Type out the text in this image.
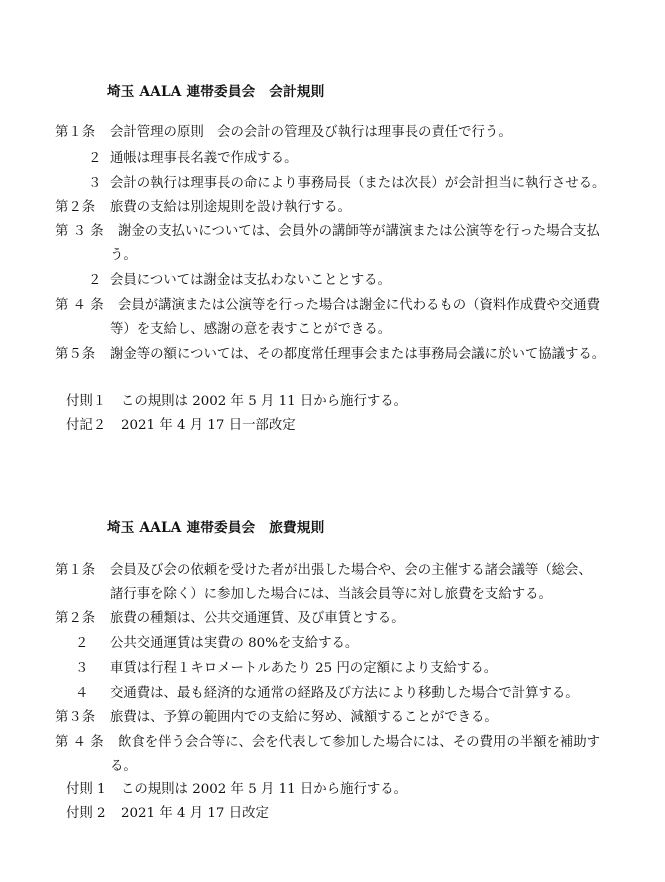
埼玉 AALA 連帯委員会　会計規則
第１条 会計管理の原則　会の会計の管理及び執行は理事長の責任で行う。
２ 通帳は理事長名義で作成する。
３ 会計の執行は理事長の命により事務局長（または次長）が会計担当に執行させる。
第２条 旅費の支給は別途規則を設け執行する。
第 ３ 条 謝金の支払いについては、会員外の講師等が講演または公演等を行った場合支払
う。
２ 会員については謝金は支払わないこととする。
第 ４ 条 会員が講演または公演等を行った場合は謝金に代わるもの（資料作成費や交通費
等）を支給し、感謝の意を表すことができる。
第５条 謝金等の額については、その都度常任理事会または事務局会議に於いて協議する。
付則１ この規則は 2002 年 5 月 11 日から施行する。
付記２ 2021 年 4 月 17 日一部改定
埼玉 AALA 連帯委員会　旅費規則
第１条 会員及び会の依頼を受けた者が出張した場合や、会の主催する諸会議等（総会、
諸行事を除く）に参加した場合には、当該会員等に対し旅費を支給する。
第２条 旅費の種類は、公共交通運賃、及び車賃とする。
２ 公共交通運賃は実費の 80%を支給する。
３ 車賃は行程１キロメートルあたり 25 円の定額により支給する。
４ 交通費は、最も経済的な通常の経路及び方法により移動した場合で計算する。
第３条 旅費は、予算の範囲内での支給に努め、減額することができる。
第 ４ 条 飲食を伴う会合等に、会を代表して参加した場合には、その費用の半額を補助す
る。
付則 1 この規則は 2002 年 5 月 11 日から施行する。
付則 2 2021 年 4 月 17 日改定
